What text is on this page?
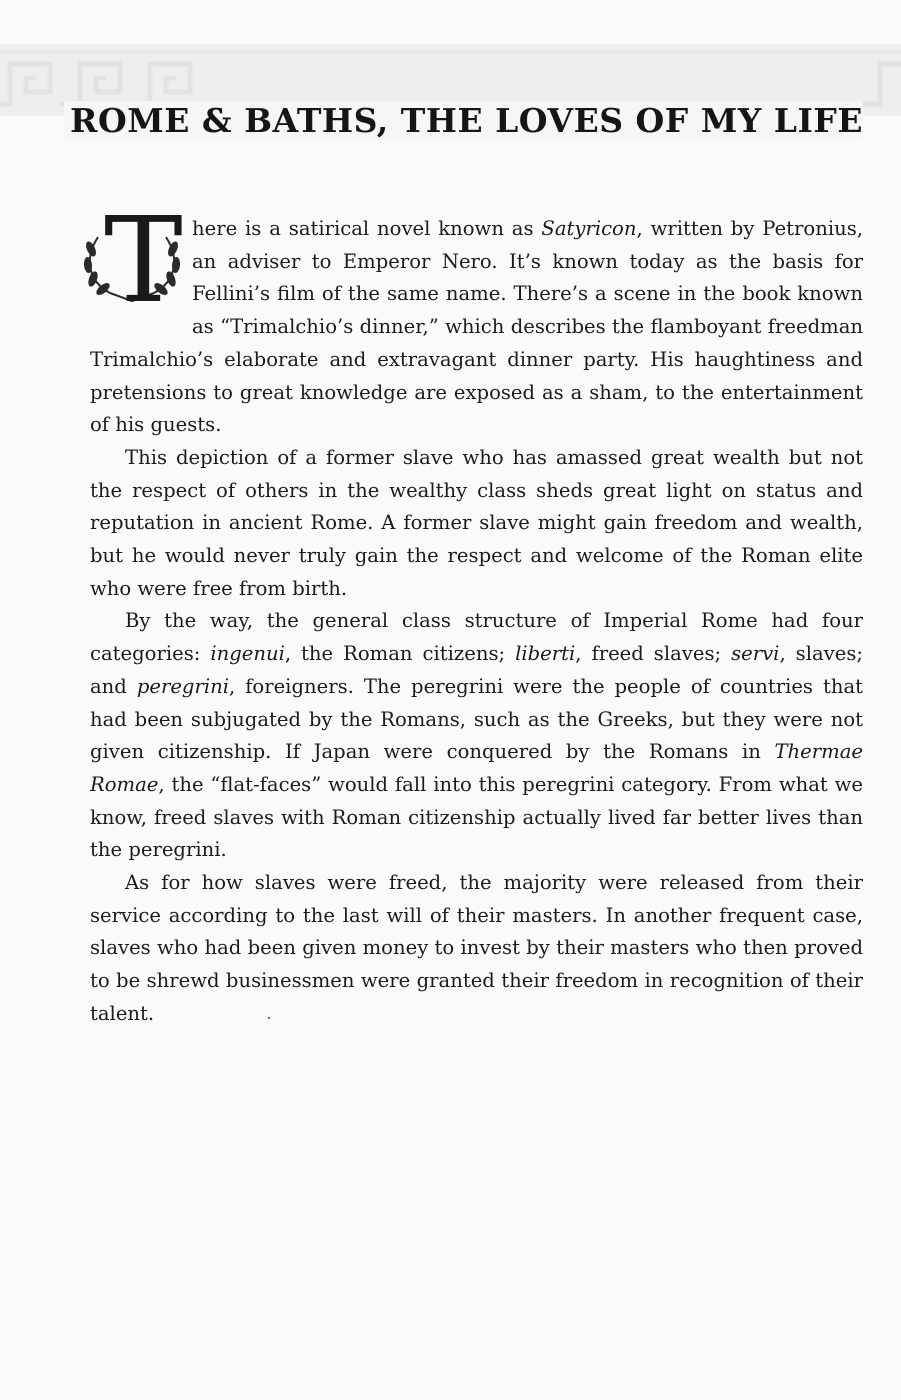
ROME & BATHS, THE LOVES OF MY LIFE

T here is a satirical novel known as Satyricon, written by Petronius, an adviser to Emperor Nero. It’s known today as the basis for Fellini’s film of the same name. There’s a scene in the book known as “Trimalchio’s dinner,” which describes the flamboyant freedman Trimalchio’s elaborate and extravagant dinner party. His haughtiness and pretensions to great knowledge are exposed as a sham, to the entertainment of his guests.

This depiction of a former slave who has amassed great wealth but not the respect of others in the wealthy class sheds great light on status and reputation in ancient Rome. A former slave might gain freedom and wealth, but he would never truly gain the respect and welcome of the Roman elite who were free from birth.

By the way, the general class structure of Imperial Rome had four categories: ingenui, the Roman citizens; liberti, freed slaves; servi, slaves; and peregrini, foreigners. The peregrini were the people of countries that had been subjugated by the Romans, such as the Greeks, but they were not given citizenship. If Japan were conquered by the Romans in Thermae Romae, the “flat-faces” would fall into this peregrini category. From what we know, freed slaves with Roman citizenship actually lived far better lives than the peregrini.

As for how slaves were freed, the majority were released from their service according to the last will of their masters. In another frequent case, slaves who had been given money to invest by their masters who then proved to be shrewd businessmen were granted their freedom in recognition of their talent.
